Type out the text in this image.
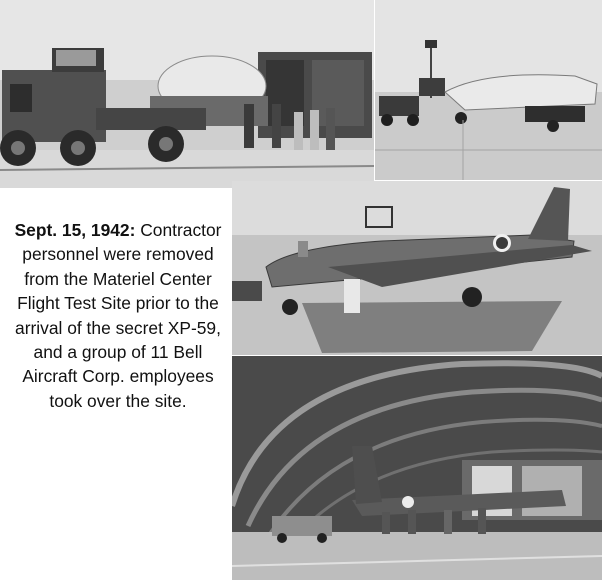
Sept. 15, 1942: Contractor personnel were removed from the Materiel Center Flight Test Site prior to the arrival of the secret XP-59, and a group of 11 Bell Aircraft Corp. employees took over the site.
